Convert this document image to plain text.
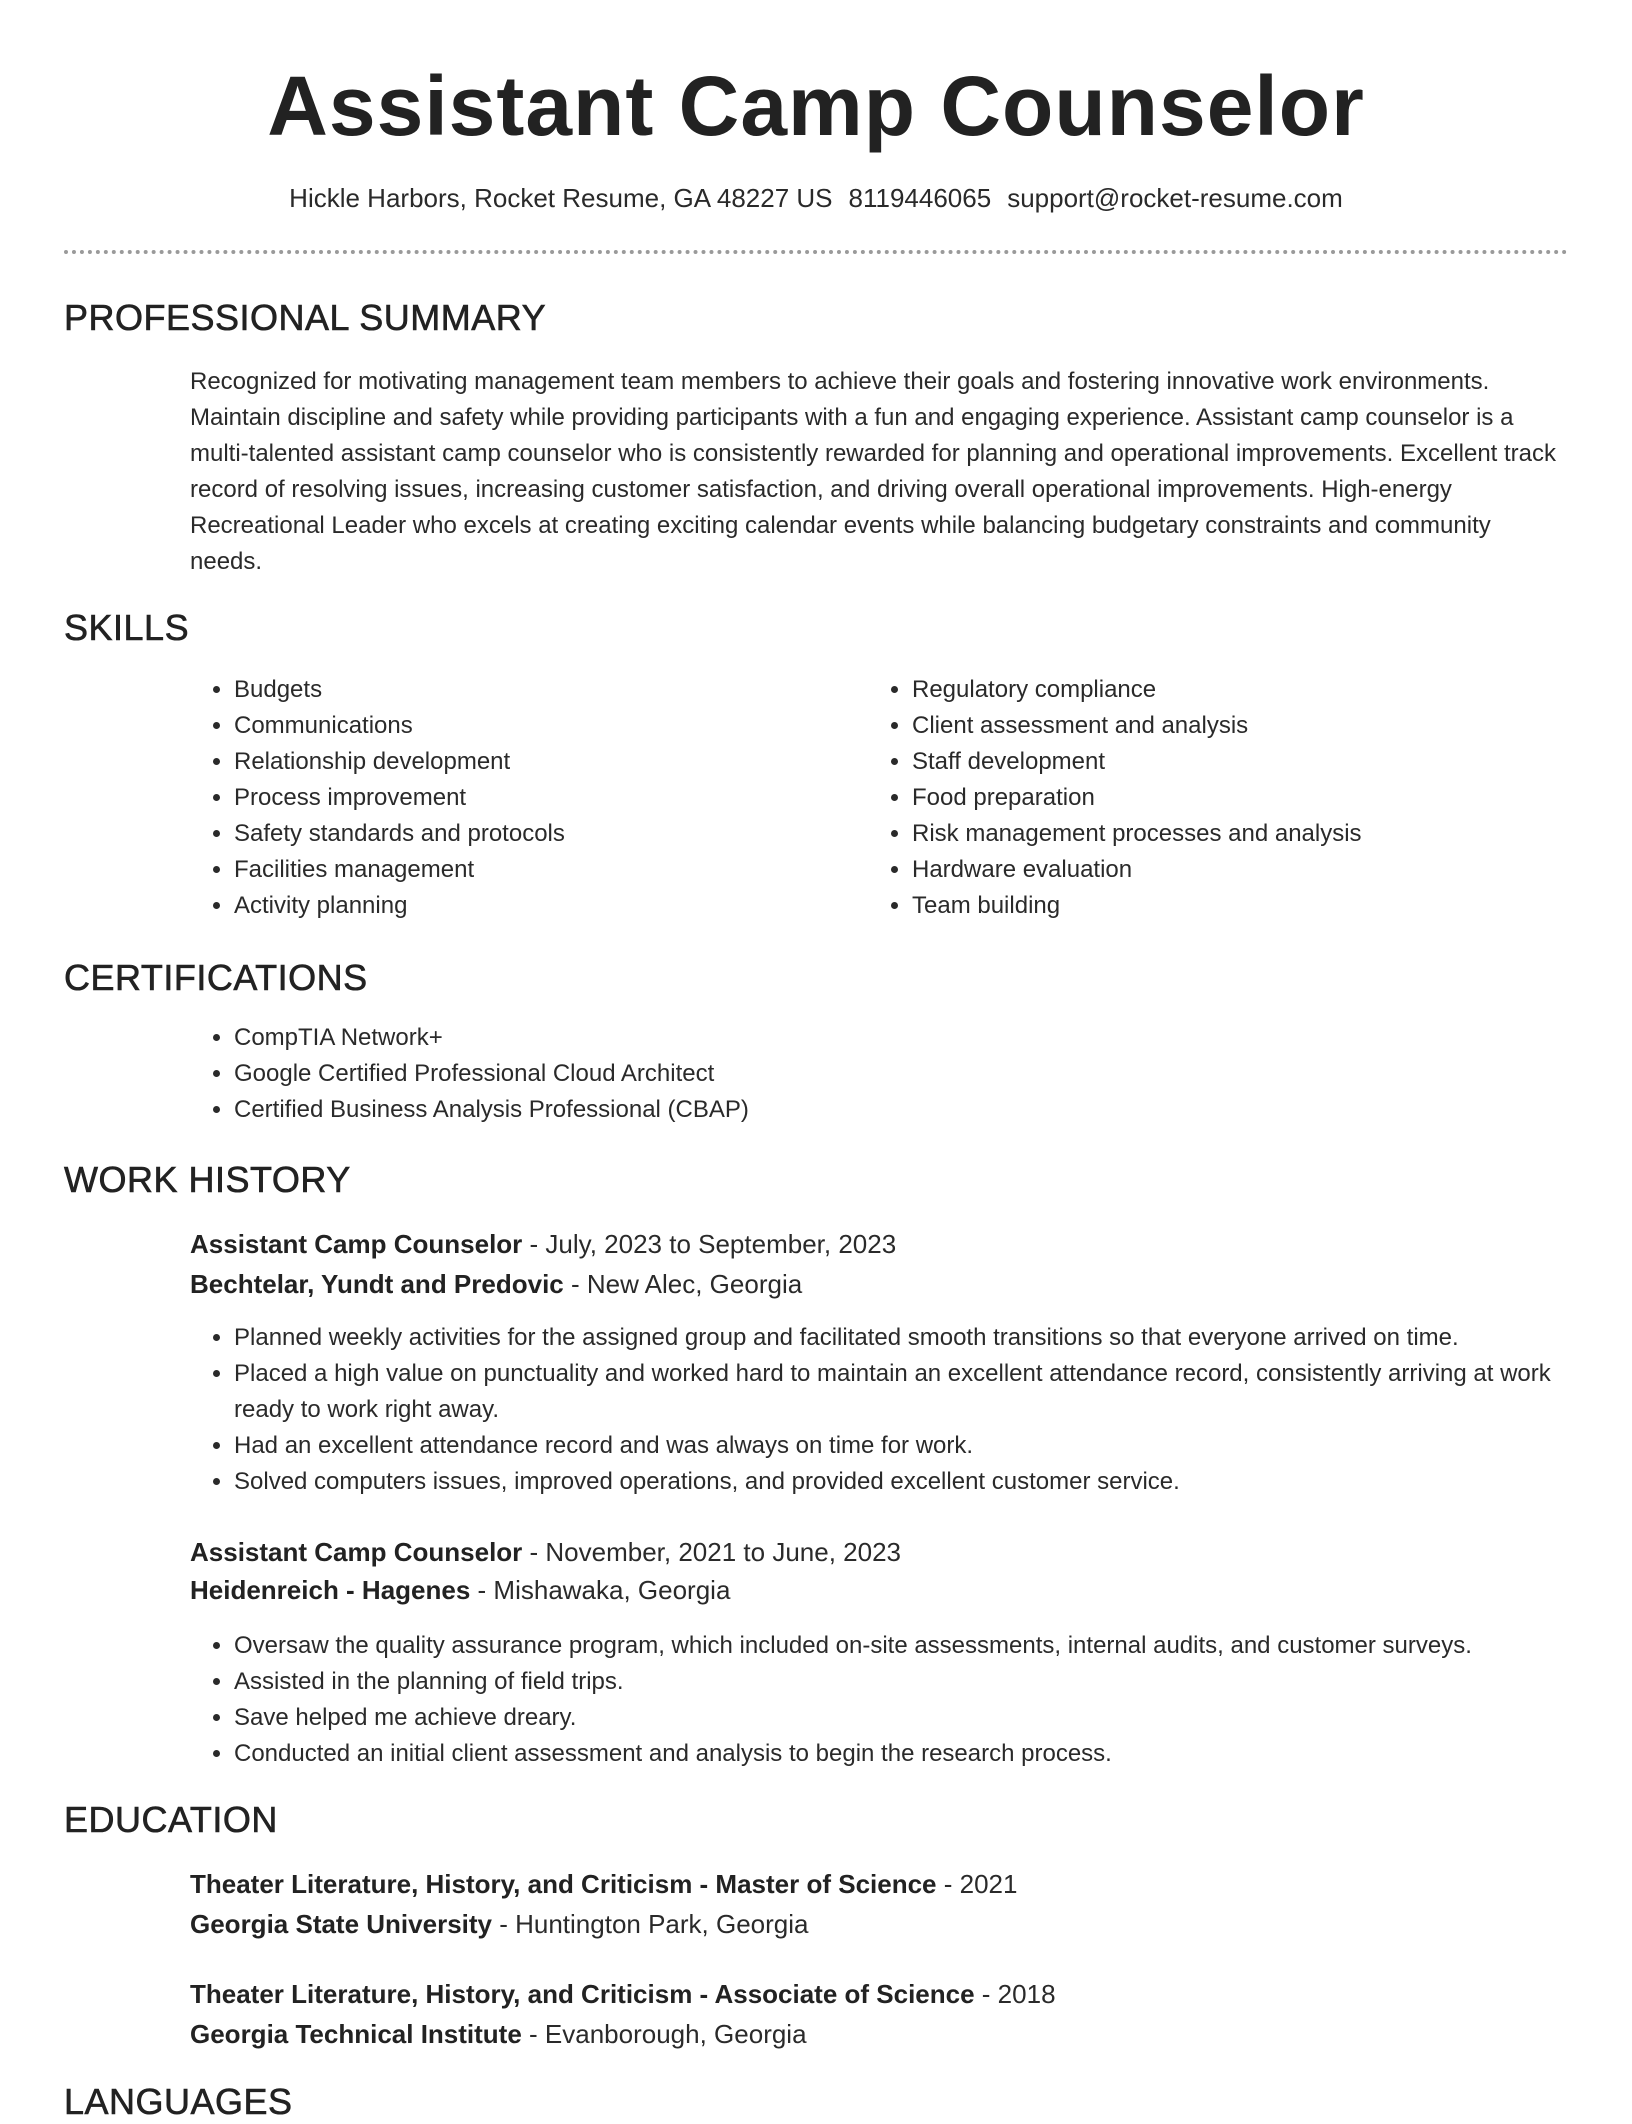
Assistant Camp Counselor
Hickle Harbors, Rocket Resume, GA 48227 US 8119446065 support@rocket-resume.com
PROFESSIONAL SUMMARY
Recognized for motivating management team members to achieve their goals and fostering innovative work environments. Maintain discipline and safety while providing participants with a fun and engaging experience. Assistant camp counselor is a multi-talented assistant camp counselor who is consistently rewarded for planning and operational improvements. Excellent track record of resolving issues, increasing customer satisfaction, and driving overall operational improvements. High-energy Recreational Leader who excels at creating exciting calendar events while balancing budgetary constraints and community needs.
SKILLS
• Budgets
• Communications
• Relationship development
• Process improvement
• Safety standards and protocols
• Facilities management
• Activity planning
• Regulatory compliance
• Client assessment and analysis
• Staff development
• Food preparation
• Risk management processes and analysis
• Hardware evaluation
• Team building
CERTIFICATIONS
• CompTIA Network+
• Google Certified Professional Cloud Architect
• Certified Business Analysis Professional (CBAP)
WORK HISTORY
Assistant Camp Counselor - July, 2023 to September, 2023
Bechtelar, Yundt and Predovic - New Alec, Georgia
• Planned weekly activities for the assigned group and facilitated smooth transitions so that everyone arrived on time.
• Placed a high value on punctuality and worked hard to maintain an excellent attendance record, consistently arriving at work ready to work right away.
• Had an excellent attendance record and was always on time for work.
• Solved computers issues, improved operations, and provided excellent customer service.
Assistant Camp Counselor - November, 2021 to June, 2023
Heidenreich - Hagenes - Mishawaka, Georgia
• Oversaw the quality assurance program, which included on-site assessments, internal audits, and customer surveys.
• Assisted in the planning of field trips.
• Save helped me achieve dreary.
• Conducted an initial client assessment and analysis to begin the research process.
EDUCATION
Theater Literature, History, and Criticism - Master of Science - 2021
Georgia State University - Huntington Park, Georgia
Theater Literature, History, and Criticism - Associate of Science - 2018
Georgia Technical Institute - Evanborough, Georgia
LANGUAGES
